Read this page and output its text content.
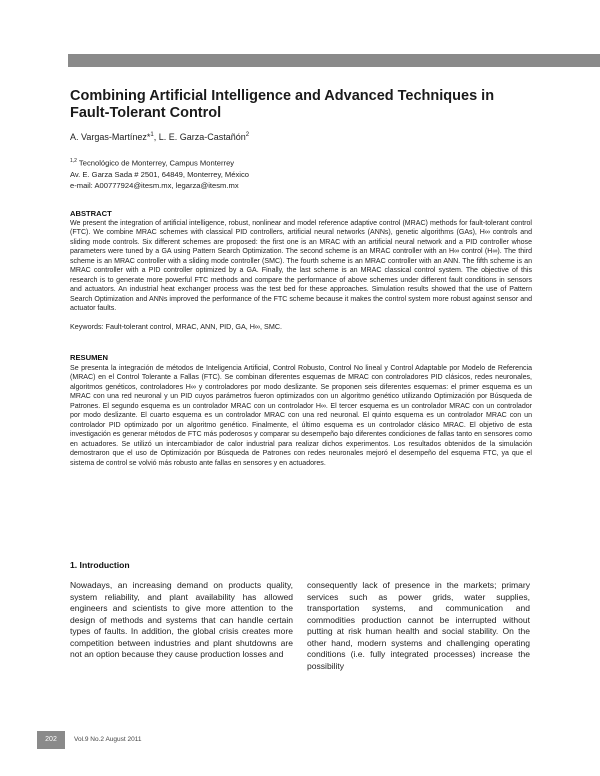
Combining Artificial Intelligence and Advanced Techniques in Fault-Tolerant Control
A. Vargas-Martínez*$^1$, L. E. Garza-Castañón$^2$
$^{1,2}$ Tecnológico de Monterrey, Campus Monterrey
Av. E. Garza Sada # 2501, 64849, Monterrey, México
e-mail: A00777924@itesm.mx, legarza@itesm.mx
ABSTRACT

We present the integration of artificial intelligence, robust, nonlinear and model reference adaptive control (MRAC) methods for fault-tolerant control (FTC). We combine MRAC schemes with classical PID controllers, artificial neural networks (ANNs), genetic algorithms (GAs), H∞ controls and sliding mode controls. Six different schemes are proposed: the first one is an MRAC with an artificial neural network and a PID controller whose parameters were tuned by a GA using Pattern Search Optimization. The second scheme is an MRAC controller with an H∞ control (H∞). The third scheme is an MRAC controller with a sliding mode controller (SMC). The fourth scheme is an MRAC controller with an ANN. The fifth scheme is an MRAC controller with a PID controller optimized by a GA. Finally, the last scheme is an MRAC classical control system. The objective of this research is to generate more powerful FTC methods and compare the performance of above schemes under different fault conditions in sensors and actuators. An industrial heat exchanger process was the test bed for these approaches. Simulation results showed that the use of Pattern Search Optimization and ANNs improved the performance of the FTC scheme because it makes the control system more robust against sensor and actuator faults.

Keywords: Fault-tolerant control, MRAC, ANN, PID, GA, H∞, SMC.
RESUMEN

Se presenta la integración de métodos de Inteligencia Artificial, Control Robusto, Control No lineal y Control Adaptable por Modelo de Referencia (MRAC) en el Control Tolerante a Fallas (FTC). Se combinan diferentes esquemas de MRAC con controladores PID clásicos, redes neuronales, algoritmos genéticos, controladores H∞ y controladores por modo deslizante. Se proponen seis diferentes esquemas: el primer esquema es un MRAC con una red neuronal y un PID cuyos parámetros fueron optimizados con un algoritmo genético utilizando Optimización por Búsqueda de Patrones. El segundo esquema es un controlador MRAC con un controlador H∞. El tercer esquema es un controlador MRAC con un controlador por modo deslizante. El cuarto esquema es un controlador MRAC con una red neuronal. El quinto esquema es un controlador MRAC con un controlador PID optimizado por un algoritmo genético. Finalmente, el último esquema es un controlador clásico MRAC. El objetivo de esta investigación es generar métodos de FTC más poderosos y comparar su desempeño bajo diferentes condiciones de fallas tanto en sensores como en actuadores. Se utilizó un intercambiador de calor industrial para realizar dichos experimentos. Los resultados obtenidos de la simulación demostraron que el uso de Optimización por Búsqueda de Patrones con redes neuronales mejoró el desempeño del esquema FTC, ya que el sistema de control se volvió más robusto ante fallas en sensores y en actuadores.

1. Introduction

Nowadays, an increasing demand on products quality, system reliability, and plant availability has allowed engineers and scientists to give more attention to the design of methods and systems that can handle certain types of faults. In addition, the global crisis creates more competition between industries and plant shutdowns are not an option because they cause production losses and

consequently lack of presence in the markets; primary services such as power grids, water supplies, transportation systems, and communication and commodities production cannot be interrupted without putting at risk human health and social stability. On the other hand, modern systems and challenging operating conditions (i.e. fully integrated processes) increase the possibility

202	Vol.9 No.2 August 2011
